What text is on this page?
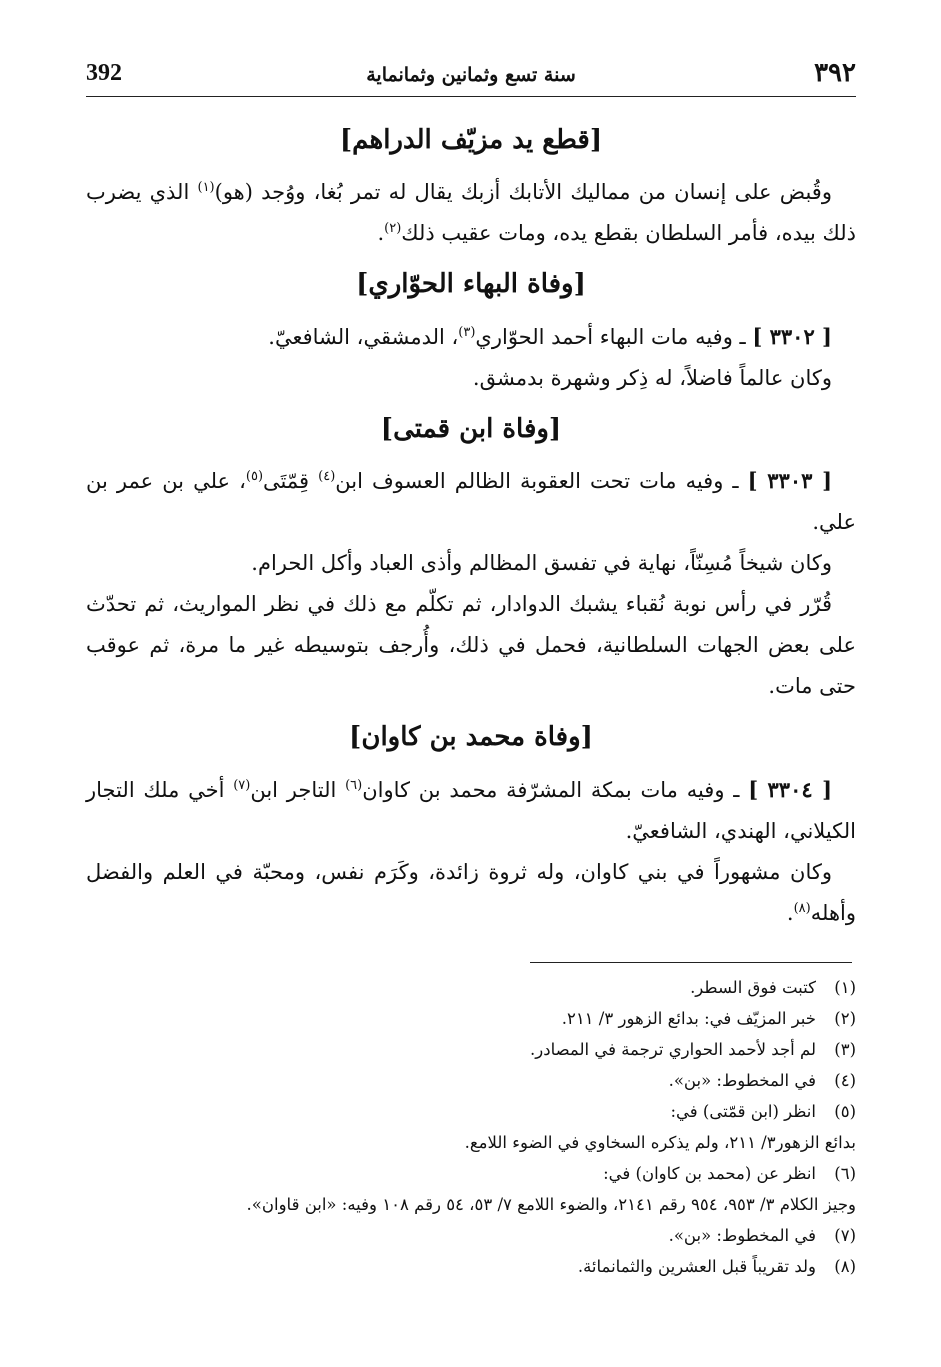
392	سنة تسع وثمانين وثمانماية	٣٩٢
[قطع يد مزيّف الدراهم]

وقُبض على إنسان من مماليك الأتابك أزبك يقال له تمر بُغا، ووُجد (هو)$^{(١)}$ الذي يضرب ذلك بيده، فأمر السلطان بقطع يده، ومات عقيب ذلك$^{(٢)}$.

[وفاة البهاء الحوّاري]

[ ٣٣٠٢ ] ـ وفيه مات البهاء أحمد الحوّاري$^{(٣)}$، الدمشقي، الشافعيّ.

وكان عالماً فاضلاً، له ذِكر وشهرة بدمشق.

[وفاة ابن قمتى]

[ ٣٣٠٣ ] ـ وفيه مات تحت العقوبة الظالم العسوف ابن$^{(٤)}$ قِمّتَى$^{(٥)}$، علي بن عمر بن علي.

وكان شيخاً مُسِنّاً، نهاية في تفسق المظالم وأذى العباد وأكل الحرام.

قُرّر في رأس نوبة نُقباء يشبك الدوادار، ثم تكلّم مع ذلك في نظر المواريث، ثم تحدّث على بعض الجهات السلطانية، فحمل في ذلك، وأُرجف بتوسيطه غير ما مرة، ثم عوقب حتى مات.

[وفاة محمد بن كاوان]

[ ٣٣٠٤ ] ـ وفيه مات بمكة المشرّفة محمد بن كاوان$^{(٦)}$ التاجر ابن$^{(٧)}$ أخي ملك التجار الكيلاني، الهندي، الشافعيّ.

وكان مشهوراً في بني كاوان، وله ثروة زائدة، وكَرَم نفس، ومحبّة في العلم والفضل وأهله$^{(٨)}$.

(١)كتبت فوق السطر.
(٢)خبر المزيّف في: بدائع الزهور ٣/ ٢١١.
(٣)لم أجد لأحمد الحواري ترجمة في المصادر.
(٤)في المخطوط: «بن».
(٥)انظر (ابن قمّتى) في:
بدائع الزهور٣/ ٢١١، ولم يذكره السخاوي في الضوء اللامع.
(٦)انظر عن (محمد بن كاوان) في:
وجيز الكلام ٣/ ٩٥٣، ٩٥٤ رقم ٢١٤١، والضوء اللامع ٧/ ٥٣، ٥٤ رقم ١٠٨ وفيه: «ابن قاوان».
(٧)في المخطوط: «بن».
(٨)ولد تقريباً قبل العشرين والثمانمائة.
